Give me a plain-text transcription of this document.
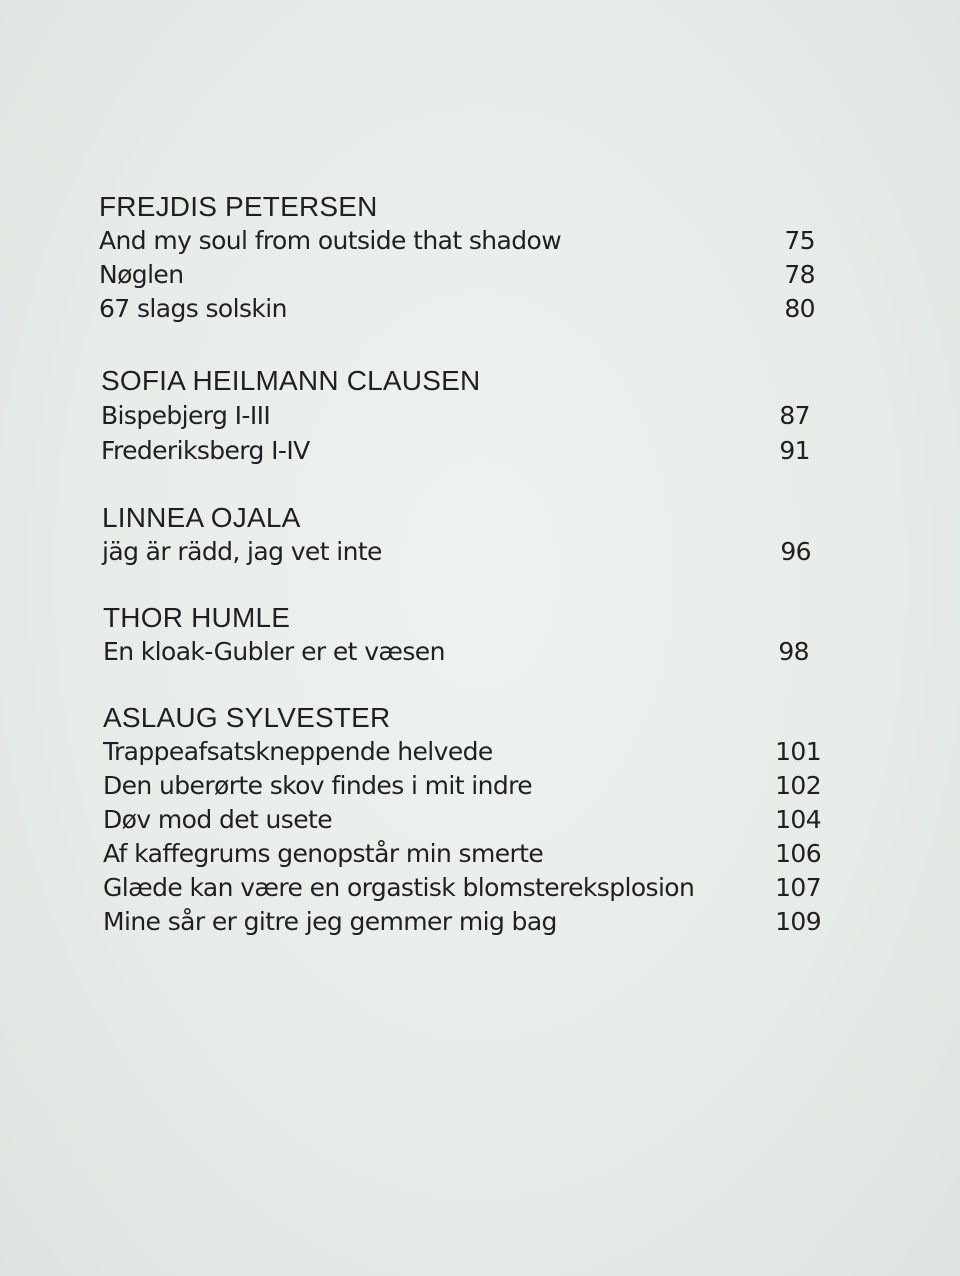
FREJDIS PETERSEN
And my soul from outside that shadow	75
Nøglen	78
67 slags solskin	80
SOFIA HEILMANN CLAUSEN
Bispebjerg I-III	87
Frederiksberg I-IV	91
LINNEA OJALA
jäg är rädd, jag vet inte	96
THOR HUMLE
En kloak-Gubler er et væsen	98
ASLAUG SYLVESTER
Trappeafsatskneppende helvede	101
Den uberørte skov findes i mit indre	102
Døv mod det usete	104
Af kaffegrums genopstår min smerte	106
Glæde kan være en orgastisk blomstereksplosion	107
Mine sår er gitre jeg gemmer mig bag	109
